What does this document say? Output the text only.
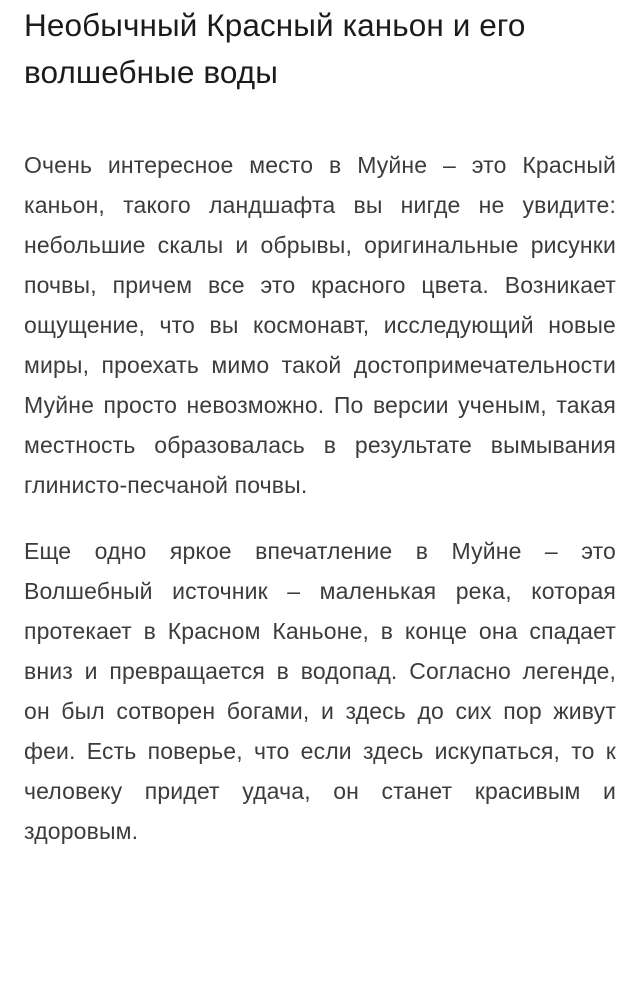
Необычный Красный каньон и его волшебные воды

Очень интересное место в Муйне – это Красный каньон, такого ландшафта вы нигде не увидите: небольшие скалы и обрывы, оригинальные рисунки почвы, причем все это красного цвета. Возникает ощущение, что вы космонавт, исследующий новые миры, проехать мимо такой достопримечательности Муйне просто невозможно. По версии ученым, такая местность образовалась в результате вымывания глинисто-песчаной почвы.

Еще одно яркое впечатление в Муйне – это Волшебный источник – маленькая река, которая протекает в Красном Каньоне, в конце она спадает вниз и превращается в водопад. Согласно легенде, он был сотворен богами, и здесь до сих пор живут феи. Есть поверье, что если здесь искупаться, то к человеку придет удача, он станет красивым и здоровым.
